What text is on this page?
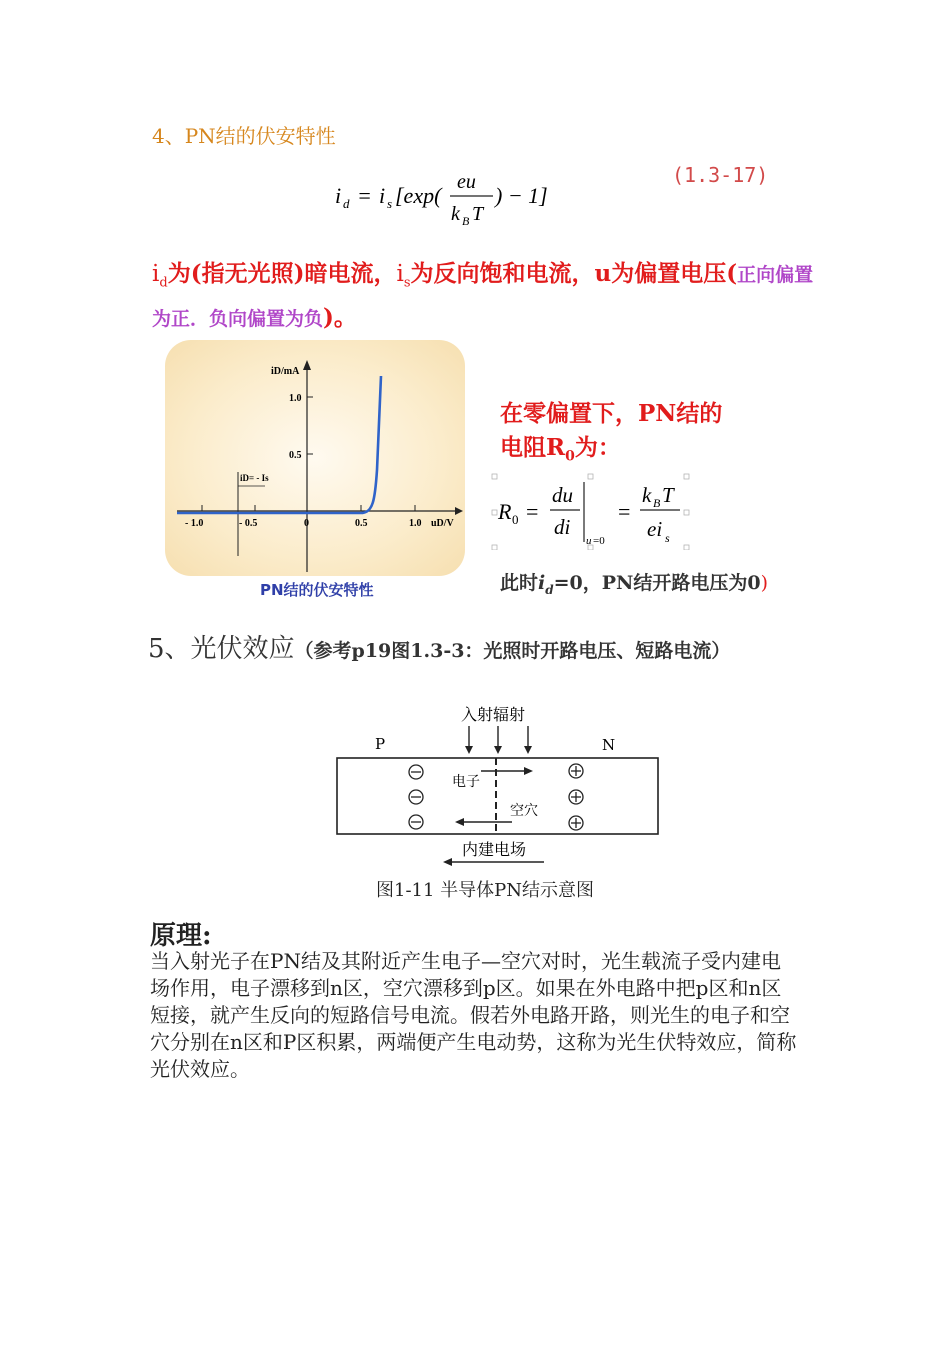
4、PN结的伏安特性
i d = i s [exp(
eu
k B T
) − 1]
(1.3-17)
$i_d$为(指无光照)暗电流，$i_s$为反向饱和电流，u为偏置电压(正向偏置为正．负向偏置为负)。
iD/mA
1.0
0.5
- 1.0	- 0.5	0	0.5	1.0 uD/V
iD= - Is
PN结的伏安特性
在零偏置下，PN结的
电阻$R_0$为：
R 0 =
du
di
u =0
=
k B T
ei s
此时$i_d=0$，PN结开路电压为0)
5、光伏效应（参考p19图1.3-3：光照时开路电压、短路电流）
入射辐射
P	N
电子
空穴
内建电场
图1-11 半导体PN结示意图
原理:
当入射光子在PN结及其附近产生电子—空穴对时，光生载流子受内建电场作用，电子漂移到n区，空穴漂移到p区。如果在外电路中把p区和n区短接，就产生反向的短路信号电流。假若外电路开路，则光生的电子和空穴分别在n区和P区积累，两端便产生电动势，这称为光生伏特效应，简称光伏效应。
